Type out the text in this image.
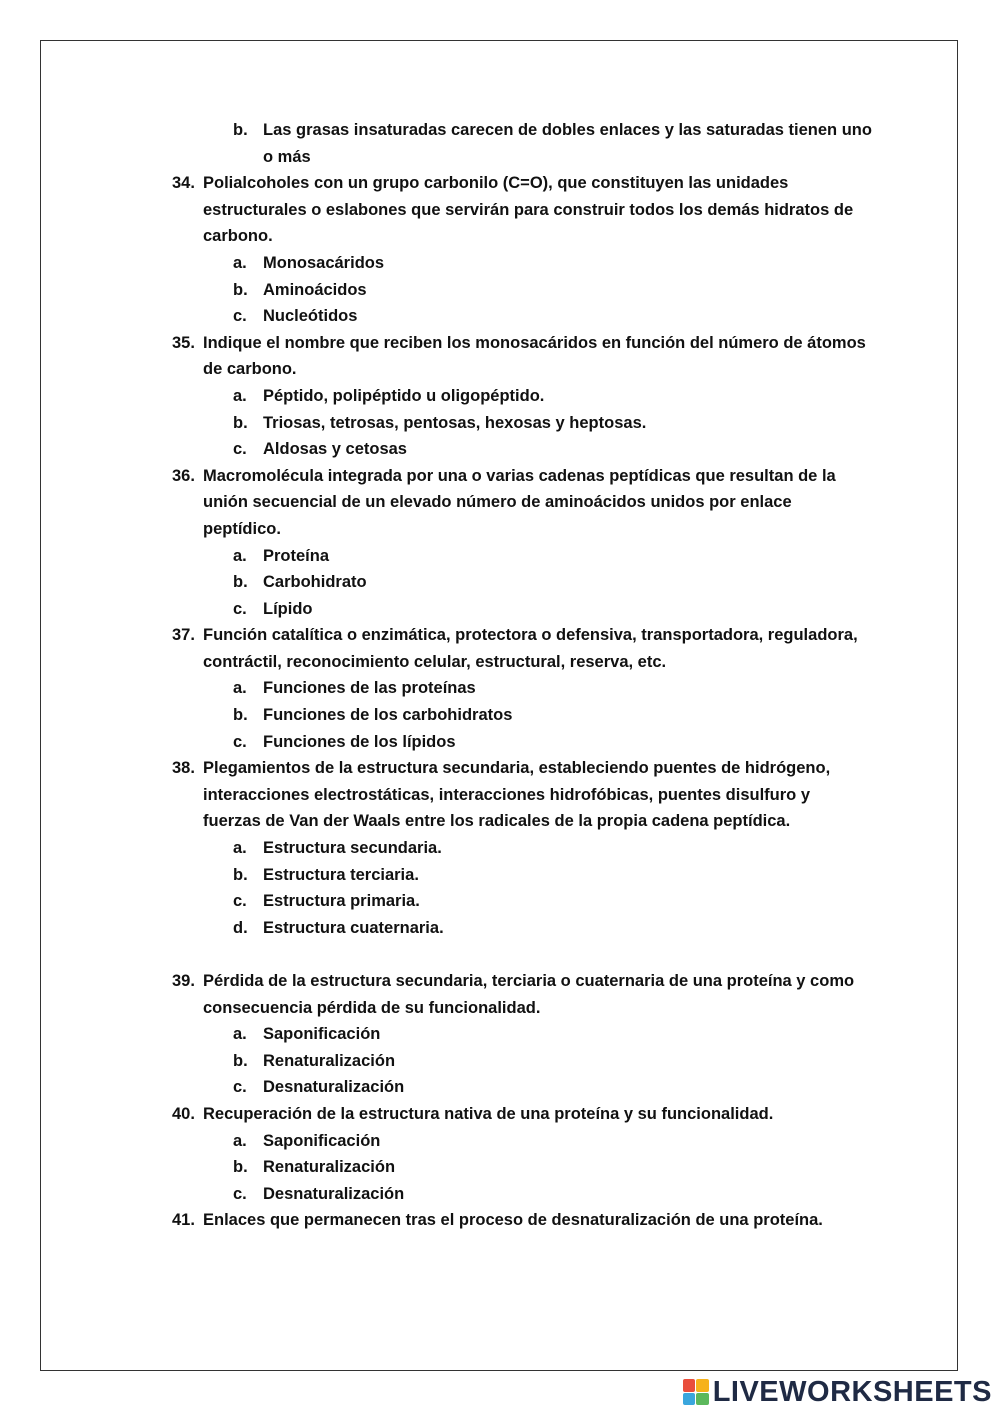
b. Las grasas insaturadas carecen de dobles enlaces y las saturadas tienen uno o más
34. Polialcoholes con un grupo carbonilo (C=O), que constituyen las unidades estructurales o eslabones que servirán para construir todos los demás hidratos de carbono.
a. Monosacáridos
b. Aminoácidos
c. Nucleótidos
35. Indique el nombre que reciben los monosacáridos en función del número de átomos de carbono.
a. Péptido, polipéptido u oligopéptido.
b. Triosas, tetrosas, pentosas, hexosas y heptosas.
c. Aldosas y cetosas
36. Macromolécula integrada por una o varias cadenas peptídicas que resultan de la unión secuencial de un elevado número de aminoácidos unidos por enlace peptídico.
a. Proteína
b. Carbohidrato
c. Lípido
37. Función catalítica o enzimática, protectora o defensiva, transportadora, reguladora, contráctil, reconocimiento celular, estructural, reserva, etc.
a. Funciones de las proteínas
b. Funciones de los carbohidratos
c. Funciones de los lípidos
38. Plegamientos de la estructura secundaria, estableciendo puentes de hidrógeno, interacciones electrostáticas, interacciones hidrofóbicas, puentes disulfuro y fuerzas de Van der Waals entre los radicales de la propia cadena peptídica.
a. Estructura secundaria.
b. Estructura terciaria.
c. Estructura primaria.
d. Estructura cuaternaria.
39. Pérdida de la estructura secundaria, terciaria o cuaternaria de una proteína y como consecuencia pérdida de su funcionalidad.
a. Saponificación
b. Renaturalización
c. Desnaturalización
40. Recuperación de la estructura nativa de una proteína y su funcionalidad.
a. Saponificación
b. Renaturalización
c. Desnaturalización
41. Enlaces que permanecen tras el proceso de desnaturalización de una proteína.
LIVEWORKSHEETS
